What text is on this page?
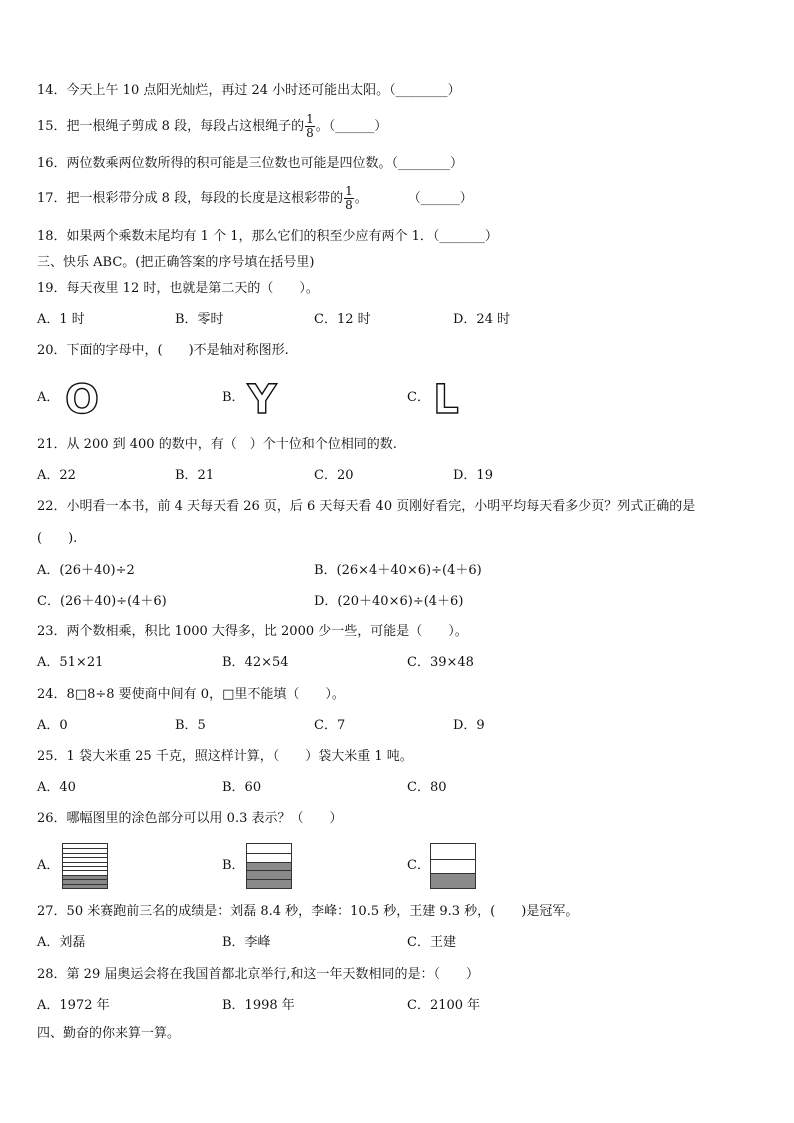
14．今天上午 10 点阳光灿烂，再过 24 小时还可能出太阳。（________）
15．把一根绳子剪成 8 段，每段占这根绳子的 $\frac{1}{8}$ 。（______）
16．两位数乘两位数所得的积可能是三位数也可能是四位数。（________）
17．把一根彩带分成 8 段，每段的长度是这根彩带的 $\frac{1}{8}$ 。	（______）
18．如果两个乘数末尾均有 1 个 1，那么它们的积至少应有两个 1．（_______）
三、快乐 ABC。(把正确答案的序号填在括号里)
19．每天夜里 12 时，也就是第二天的（　　）。
A．1 时	B．零时	C．12 时	D．24 时
20．下面的字母中，(　　)不是轴对称图形.
A． O	B． Y	C． L
21．从 200 到 400 的数中，有（　）个十位和个位相同的数.
A．22	B．21	C．20	D．19
22．小明看一本书，前 4 天每天看 26 页，后 6 天每天看 40 页刚好看完，小明平均每天看多少页？列式正确的是
(　　).
A．(26＋40)÷2	B．(26×4＋40×6)÷(4＋6)
C．(26＋40)÷(4＋6)	D．(20＋40×6)÷(4＋6)
23．两个数相乘，积比 1000 大得多，比 2000 少一些，可能是（　　）。
A．51×21	B．42×54	C．39×48
24．8□8÷8 要使商中间有 0，□里不能填（　　）。
A．0	B．5	C．7	D．9
25．1 袋大米重 25 千克，照这样计算，（　　）袋大米重 1 吨。
A．40	B．60	C．80
26．哪幅图里的涂色部分可以用 0.3 表示？（　　）
A．	B．	C．
27．50 米赛跑前三名的成绩是：刘磊 8.4 秒，李峰：10.5 秒，王建 9.3 秒，(　　)是冠军。
A．刘磊	B．李峰	C．王建
28．第 29 届奥运会将在我国首都北京举行,和这一年天数相同的是：（　　）
A．1972 年	B．1998 年	C．2100 年
四、勤奋的你来算一算。
